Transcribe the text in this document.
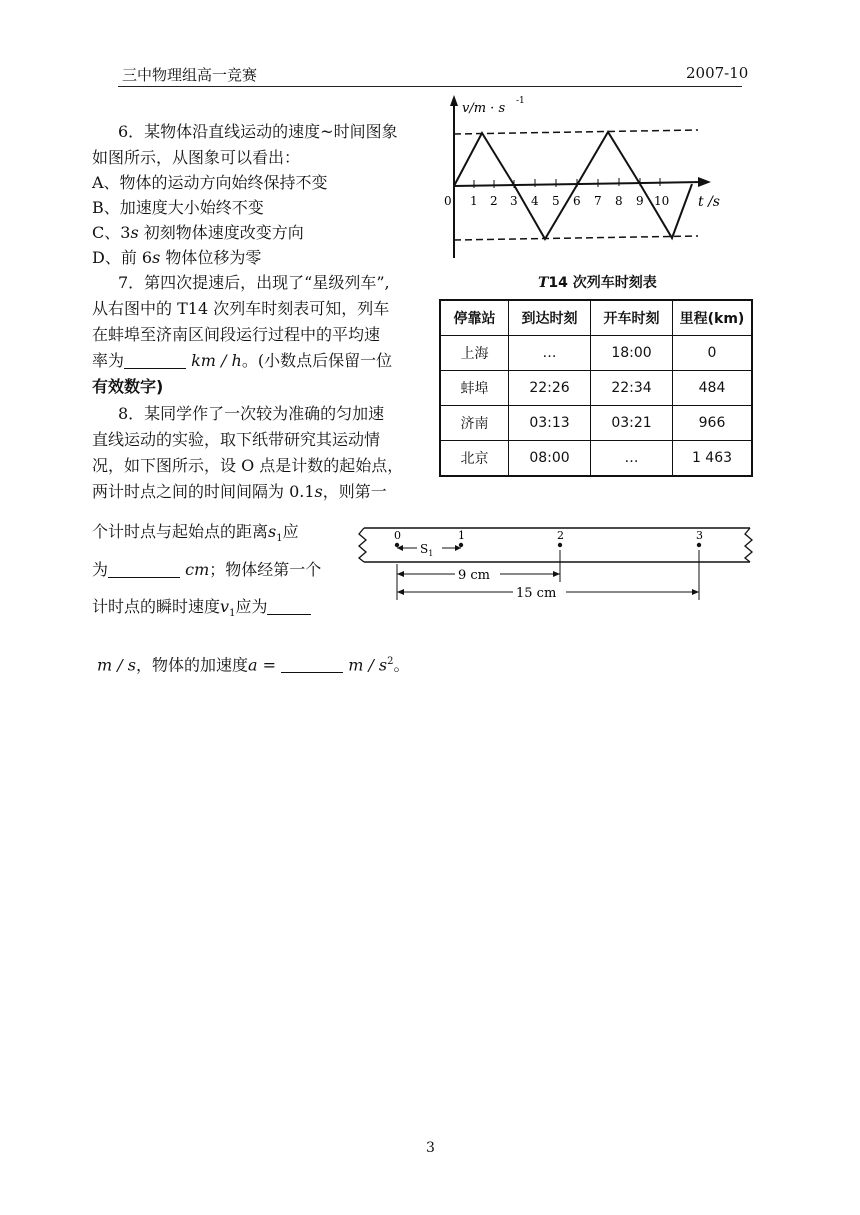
三中物理组高一竞赛	2007-10
6．某物体沿直线运动的速度~时间图象
如图所示，从图象可以看出：
A、物体的运动方向始终保持不变
B、加速度大小始终不变
C、3s 初刻物体速度改变方向
D、前 6s 物体位移为零
7．第四次提速后，出现了“星级列车”,
从右图中的 T14 次列车时刻表可知，列车
在蚌埠至济南区间段运行过程中的平均速
率为	km / h。(小数点后保留一位
有效数字)
8．某同学作了一次较为准确的匀加速
直线运动的实验，取下纸带研究其运动情
况，如下图所示，设 O 点是计数的起始点，
两计时点之间的时间间隔为 0.1s，则第一
个计时点与起始点的距离$s_1$应
为	cm；物体经第一个
计时点的瞬时速度$v_1$应为
m / s，物体的加速度a =	m / $s^2$。
v/m · s -1
t /s
0 1 2 3 4 5 6 7 8 9 10
T14 次列车时刻表
停靠站	到达时刻	开车时刻	里程(km)
上海	…	18:00	0
蚌埠	22:26	22:34	484
济南	03:13	03:21	966
北京	08:00	…	1 463
0	1	2	3
$S_1$
9 cm
15 cm
3
